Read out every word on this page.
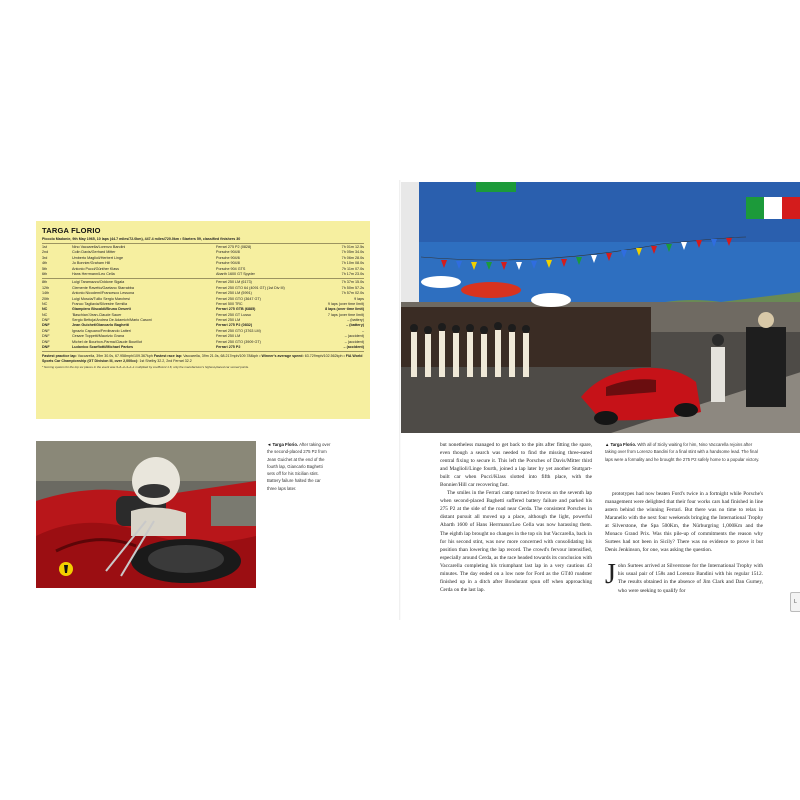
TARGA FLORIO
Piccolo Madonie, 9th May 1965, 10 laps (44.7 miles/72.0km), 447.4 miles/720.0km • Starters 59, classified finishers 30
1st	Nino Vaccarella/Lorenzo Bandini	Ferrari 275 P2 (0828)	7h 01m 12.5s
2nd	Colin Davis/Gerhard Mitter	Porsche 904/8	7h 05m 34.0s
3rd	Umberto Maglioli/Herbert Linge	Porsche 904/6	7h 06m 28.0s
4th	Jo Bonnier/Graham Hill	Porsche 904/8	7h 10m 08.0s
5th	Antonio Pucci/Günther Klass	Porsche 904 GTS	7h 11m 07.0s
6th	Hans Herrmann/Leo Cella	Abarth 1600 GT Spyder	7h 17m 23.0s
8th	Luigi Taramazzo/Oddone Sigala	Ferrari 250 LM (6173)	7h 37m 15.0s
12th	Clemente Ravetto/Gaetano Starrabba	Ferrari 250 GTO 64 (4091 GT) (1st Div III)	7h 50m 57.2s
14th	Antonio Nicodemi/Francesco Lessona	Ferrari 250 LM (5991)	7h 57m 02.0s
20th	Luigi Moscia/Tullio Sergio Marchesi	Ferrari 250 GTO (3647 GT)	9 laps
NC	Franco Tagliavia/Silvestre Semilia	Ferrari 500 TRC	9 laps (over time limit)
NC	Giampiero Biscaldi/Bruno Deserti	Ferrari 275 GTB (6885)	8 laps (over time limit)
NC	'Baschian'/Jean-Claude Sauer	Ferrari 250 GT Lusso	7 laps (over time limit)
DNF	Sergio Bettoja/Andrea De Adamich/Mario Casoni	Ferrari 250 LM	– (battery)
DNF	Jean Guichet/Giancarlo Baghetti	Ferrari 275 P2 (0832)	– (battery)
DNF	Ignazio Capuano/Ferdinando Latteri	Ferrari 250 GTO (3763 LM)	–
DNF	Cesare Toppetti/Maurizio Grana	Ferrari 250 LM	– (accident)
DNF	Michel de Bourbon-Parma/Claude Bourillot	Ferrari 250 GTO (3909 GT)	– (accident)
DNF	Ludovico Scarfiotti/Michael Parkes	Ferrari 275 P2	– (accident)
Fastest practice lap: Vaccarella, 39m 30.0s, 67.958mph/109.367kph Fastest race lap: Vaccarella, 39m 21.0s, 68.217mph/109.784kph • Winner's average speed: 63.729mph/102.562kph • FIA World Sports Car Championship (GT Division III, over 2,000cc): 1st Shelby 32.2, 2nd Ferrari 32.2
* Scoring system for the top six places in the event was 9–6–4–3–2–1 multiplied by coefficient 1.6; only the manufacturer's highest-placed car scored points.
◄ Targa Florio. After taking over the second-placed 275 P2 from Jean Guichet at the end of the fourth lap, Giancarlo Baghetti sets off for his Sicilian stint. Battery failure halted the car three laps later.
▲ Targa Florio. With all of Sicily waiting for him, Nino Vaccarella rejoins after taking over from Lorenzo Bandini for a final stint with a handsome lead. The final laps were a formality and he brought the 275 P2 safely home to a popular victory.

but nonetheless managed to get back to the pits after fitting the spare, even though a search was needed to find the missing three-eared central fixing to secure it. This left the Porsches of Davis/Mitter third and Maglioli/Linge fourth, joined a lap later by yet another Stuttgart-built car when Pucci/Klass slotted into fifth place, with the Bonnier/Hill car recovering fast.

The smiles in the Ferrari camp turned to frowns on the seventh lap when second-placed Baghetti suffered battery failure and parked his 275 P2 at the side of the road near Cerda. The consistent Porsches in distant pursuit all moved up a place, although the light, powerful Abarth 1600 of Hans Herrmann/Leo Cella was now harassing them. The eighth lap brought no changes in the top six but Vaccarella, back in for his second stint, was now more concerned with consolidating his position than lowering the lap record. The crowd's fervour intensified, especially around Cerda, as the race headed towards its conclusion with Vaccarella completing his triumphant last lap in a very cautious 43 minutes. The day ended on a low note for Ford as the GT40 roadster finished up in a ditch after Bondurant spun off when approaching Cerda on the last lap.

prototypes had now beaten Ford's twice in a fortnight while Porsche's management were delighted that their four works cars had finished in line astern behind the winning Ferrari. But there was no time to relax in Maranello with the next four weekends bringing the International Trophy at Silverstone, the Spa 500Km, the Nürburgring 1,000Km and the Monaco Grand Prix. Was this pile-up of commitments the reason why Surtees had not been in Sicily? There was no evidence to prove it but Denis Jenkinson, for one, was asking the question.

John Surtees arrived at Silverstone for the International Trophy with his usual pair of 158s and Lorenzo Bandini with his regular 1512. The results obtained in the absence of Jim Clark and Dan Gurney, who were seeking to qualify for

L
